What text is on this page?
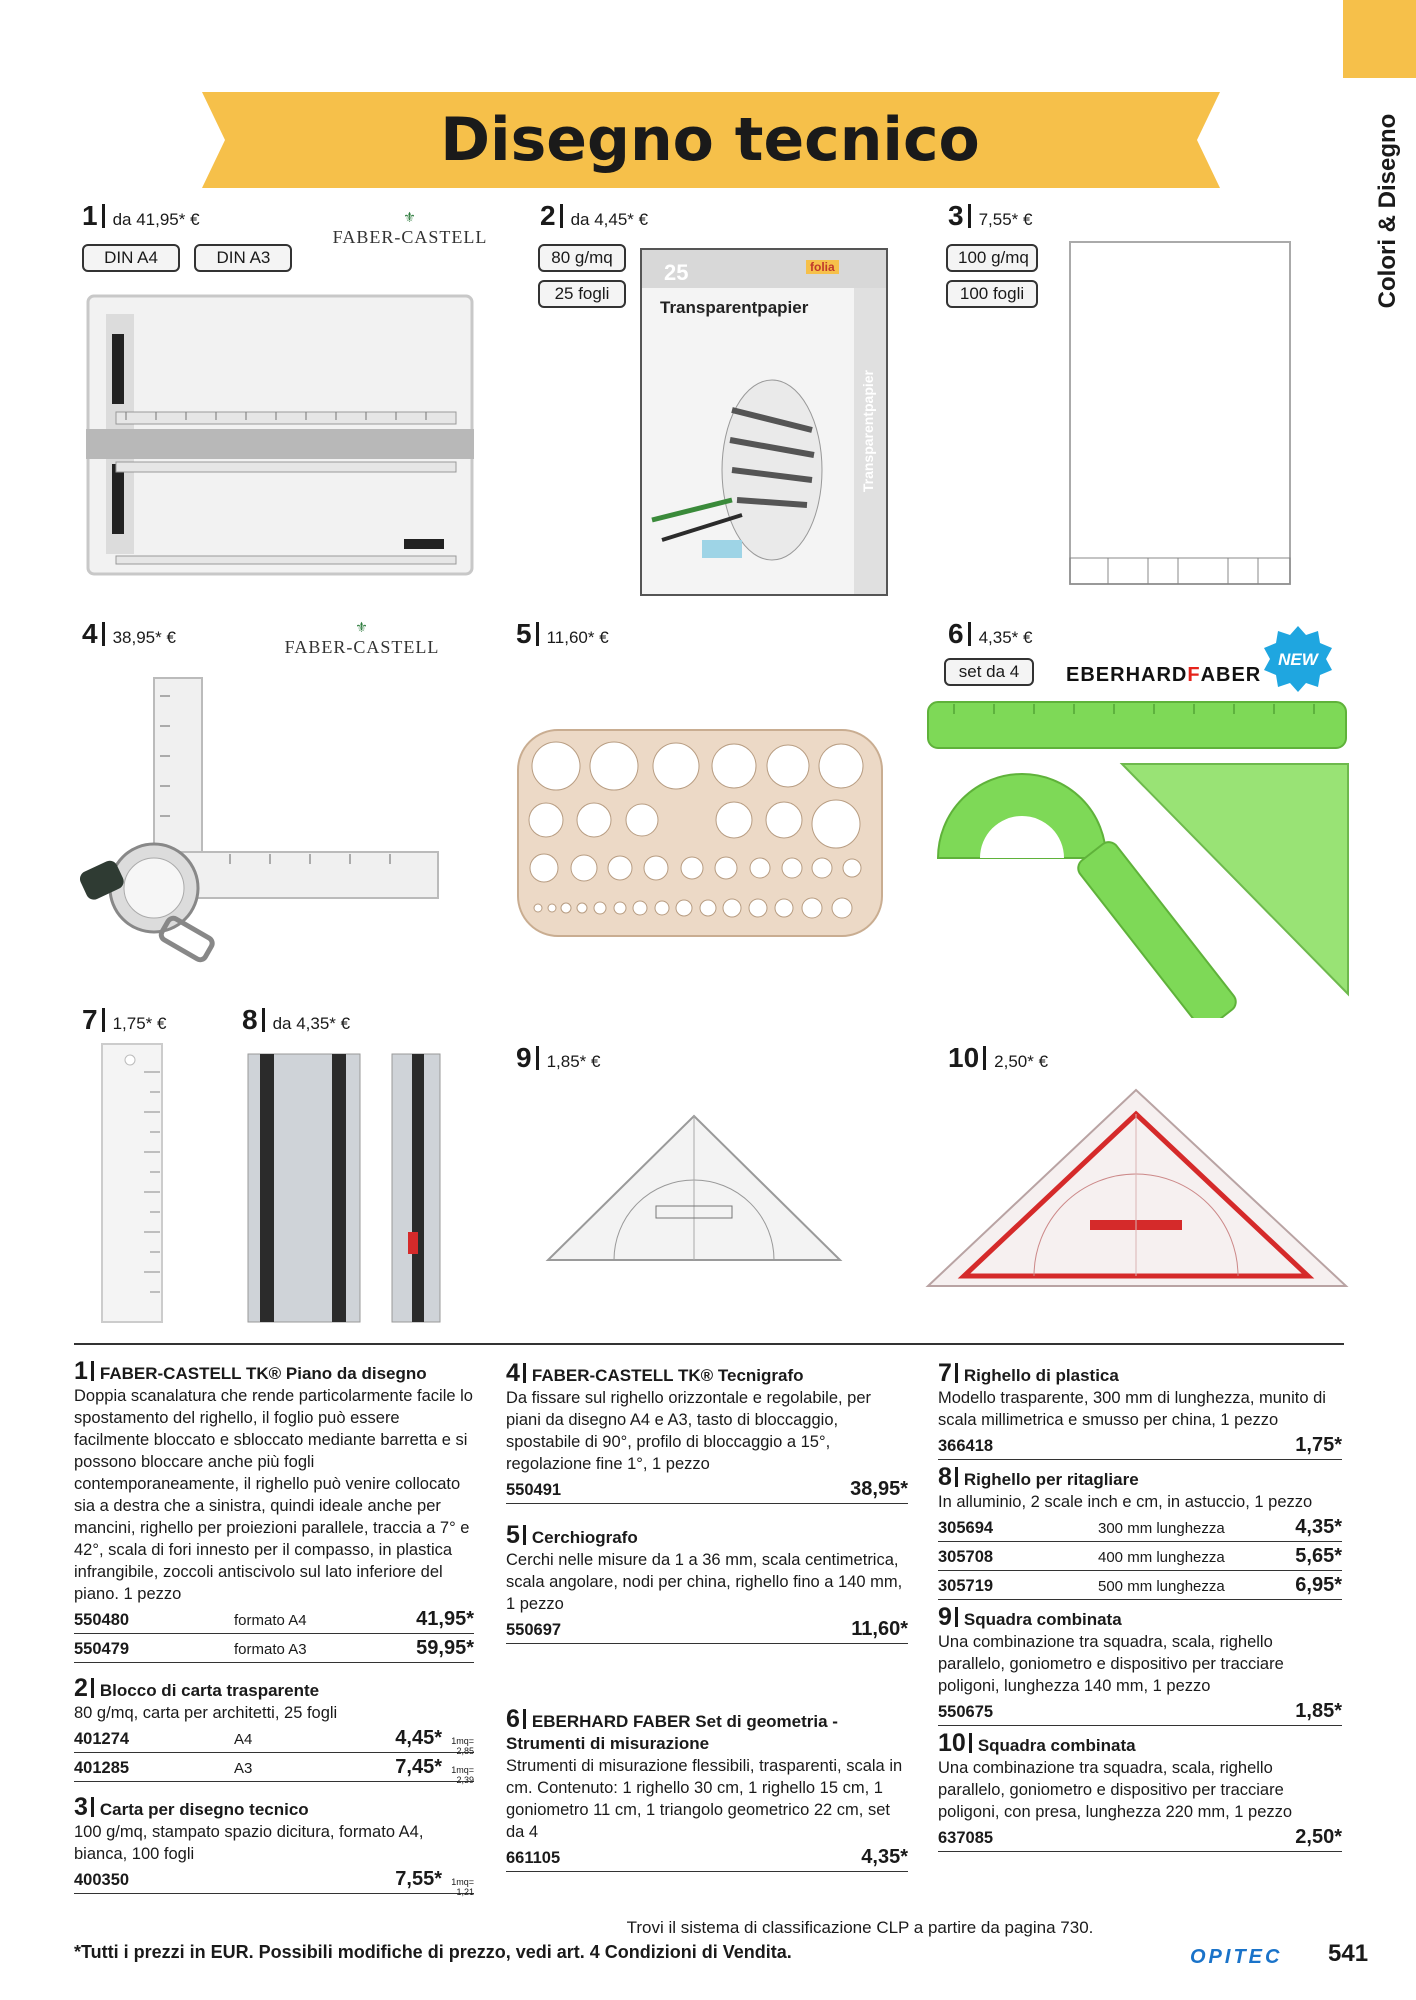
Colori & Disegno
Disegno tecnico
1 da 41,95* €
DIN A4	DIN A3
⚜
FABER-CASTELL
2 da 4,45* €
80 g/mq 25 fogli
3 7,55* €
100 g/mq 100 fogli
25	folia
Transparentpapier
Transparentpapier
4 38,95* €	⚜
FABER-CASTELL	5 11,60* €	6 4,35* €
set da 4	EBERHARDFABER
NEW
7 1,75* €	8 da 4,35* €
9 1,85* €	10 2,50* €
1 FABER-CASTELL TK® Piano da disegno
Doppia scanalatura che rende particolarmente facile lo spostamento del righello, il foglio può essere facilmente bloccato e sbloccato mediante barretta e si possono bloccare anche più fogli contemporaneamente, il righello può venire collocato sia a destra che a sinistra, quindi ideale anche per mancini, righello per proiezioni parallele, traccia a 7° e 42°, scala di fori innesto per il compasso, in plastica infrangibile, zoccoli antiscivolo sul lato inferiore del piano. 1 pezzo
550480	formato A4	41,95*
550479	formato A3	59,95*
2 Blocco di carta trasparente
80 g/mq, carta per architetti, 25 fogli
401274	A4	4,45*	1mq= 2,85
401285	A3	7,45*	1mq= 2,39
3 Carta per disegno tecnico
100 g/mq, stampato spazio dicitura, formato A4, bianca, 100 fogli
400350	7,55*	1mq= 1,21
4 FABER-CASTELL TK® Tecnigrafo
Da fissare sul righello orizzontale e regolabile, per piani da disegno A4 e A3, tasto di bloccaggio, spostabile di 90°, profilo di bloccaggio a 15°, regolazione fine 1°, 1 pezzo
550491	38,95*
5 Cerchiografo
Cerchi nelle misure da 1 a 36 mm, scala centimetrica, scala angolare, nodi per china, righello fino a 140 mm, 1 pezzo
550697	11,60*
6 EBERHARD FABER Set di geometria - Strumenti di misurazione
Strumenti di misurazione flessibili, trasparenti, scala in cm. Contenuto: 1 righello 30 cm, 1 righello 15 cm, 1 goniometro 11 cm, 1 triangolo geometrico 22 cm, set da 4
661105	4,35*
7 Righello di plastica
Modello trasparente, 300 mm di lunghezza, munito di scala millimetrica e smusso per china, 1 pezzo
366418	1,75*
8 Righello per ritagliare
In alluminio, 2 scale inch e cm, in astuccio, 1 pezzo
305694	300 mm lunghezza	4,35*
305708	400 mm lunghezza	5,65*
305719	500 mm lunghezza	6,95*
9 Squadra combinata
Una combinazione tra squadra, scala, righello parallelo, goniometro e dispositivo per tracciare poligoni, lunghezza 140 mm, 1 pezzo
550675	1,85*
10 Squadra combinata
Una combinazione tra squadra, scala, righello parallelo, goniometro e dispositivo per tracciare poligoni, con presa, lunghezza 220 mm, 1 pezzo
637085	2,50*
Trovi il sistema di classificazione CLP a partire da pagina 730.
*Tutti i prezzi in EUR. Possibili modifiche di prezzo, vedi art. 4 Condizioni di Vendita.	OPITEC 541
